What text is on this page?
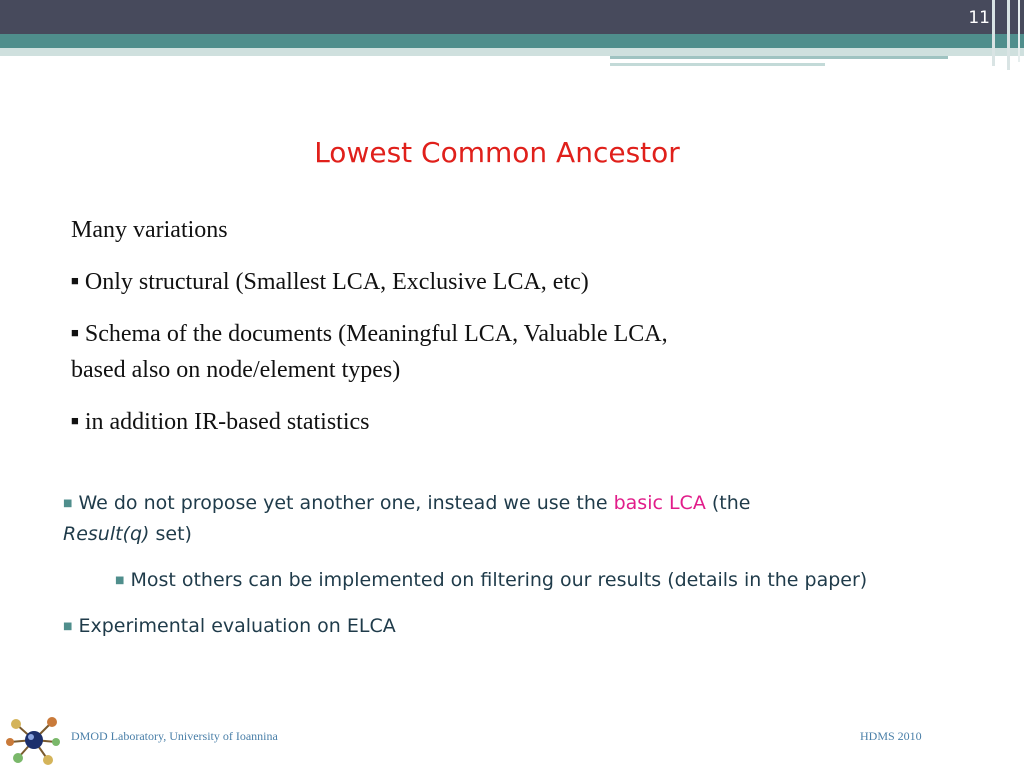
11
Lowest Common Ancestor

Many variations

■ Only structural (Smallest LCA, Exclusive LCA, etc)

■ Schema of the documents (Meaningful LCA, Valuable LCA,

based also on node/element types)

■ in addition IR-based statistics

■ We do not propose yet another one, instead we use the basic LCA (the
Result(q) set)

■ Most others can be implemented on filtering our results (details in the paper)

■ Experimental evaluation on ELCA

DMOD Laboratory, University of Ioannina	HDMS 2010
